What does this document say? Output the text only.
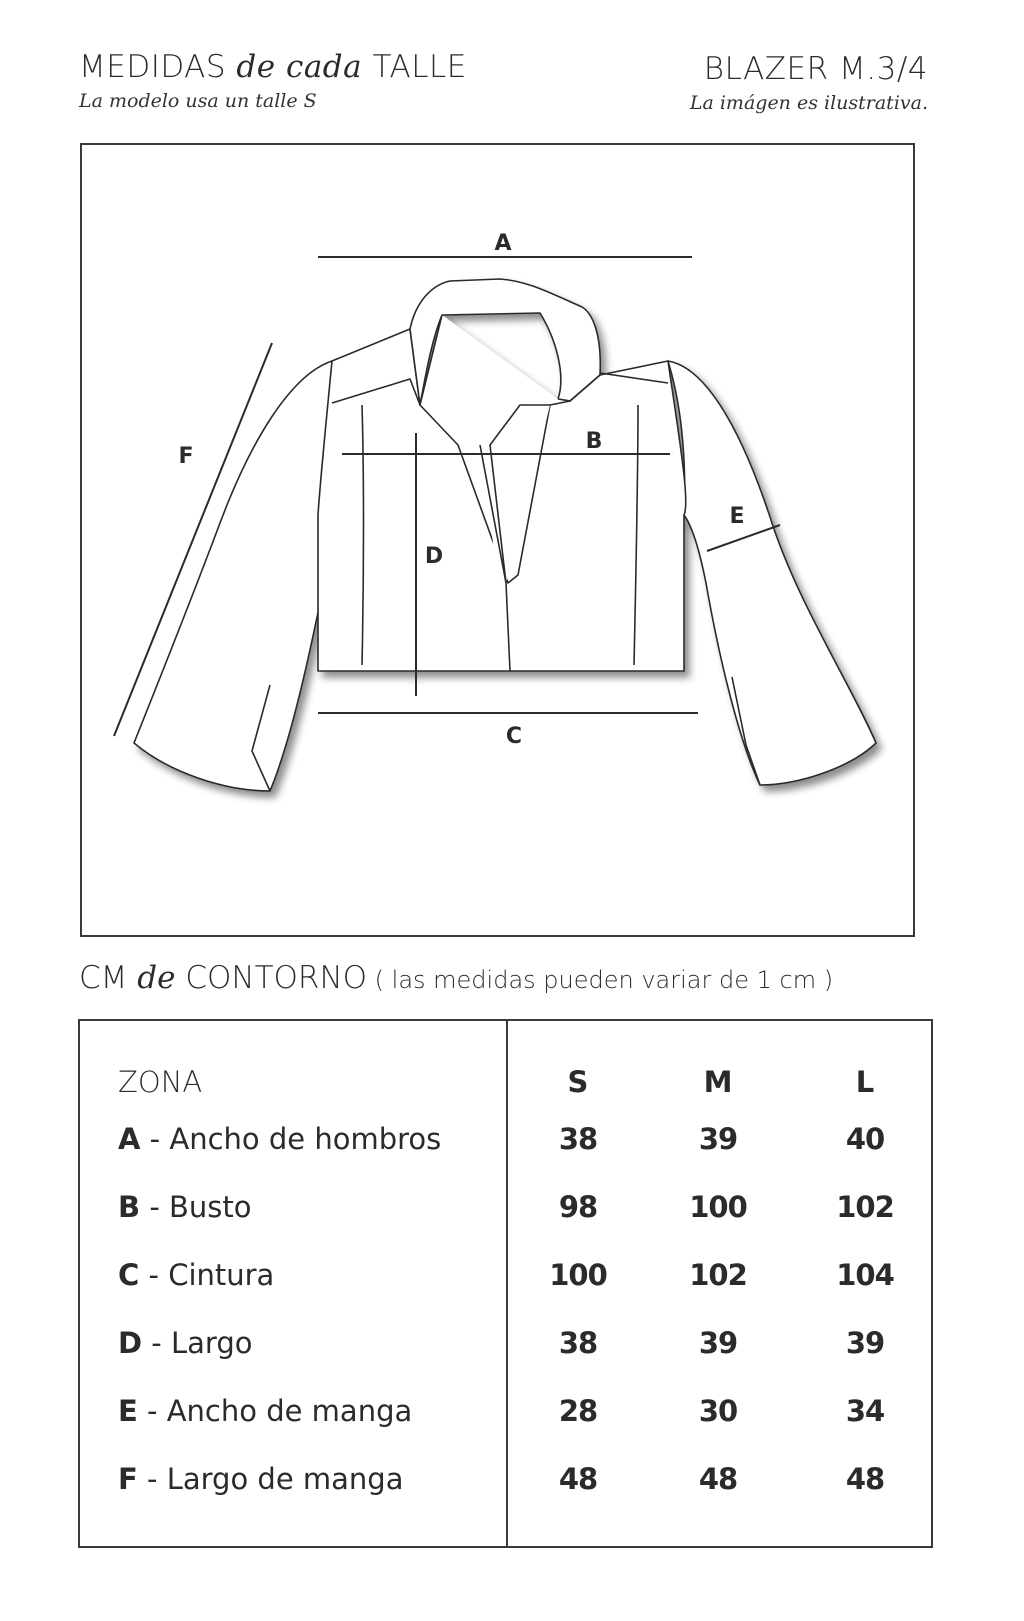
MEDIDAS de cada TALLE
La modelo usa un talle S
BLAZER M.3/4
La imágen es ilustrativa.
A
B
C
D
E
F
CM de CONTORNO ( las medidas pueden variar de 1 cm )
ZONA	S	M	L
A - Ancho de hombros	38	39	40
B - Busto	98	100	102
C - Cintura	100	102	104
D - Largo	38	39	39
E - Ancho de manga	28	30	34
F - Largo de manga	48	48	48
